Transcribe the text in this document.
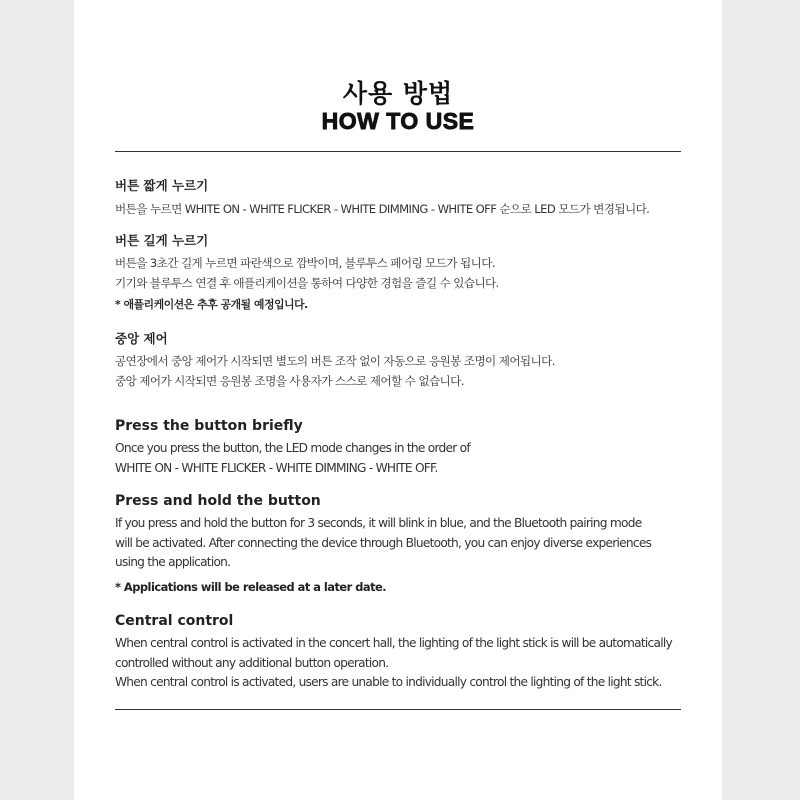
사용 방법
HOW TO USE

버튼 짧게 누르기

버튼을 누르면 WHITE ON - WHITE FLICKER - WHITE DIMMING - WHITE OFF 순으로 LED 모드가 변경됩니다.

버튼 길게 누르기

버튼을 3초간 길게 누르면 파란색으로 깜박이며, 블루투스 페어링 모드가 됩니다.

기기와 블루투스 연결 후 애플리케이션을 통하여 다양한 경험을 즐길 수 있습니다.

* 애플리케이션은 추후 공개될 예정입니다.

중앙 제어

공연장에서 중앙 제어가 시작되면 별도의 버튼 조작 없이 자동으로 응원봉 조명이 제어됩니다.

중앙 제어가 시작되면 응원봉 조명을 사용자가 스스로 제어할 수 없습니다.

Press the button briefly

Once you press the button, the LED mode changes in the order of

WHITE ON - WHITE FLICKER - WHITE DIMMING - WHITE OFF.

Press and hold the button

If you press and hold the button for 3 seconds, it will blink in blue, and the Bluetooth pairing mode

will be activated. After connecting the device through Bluetooth, you can enjoy diverse experiences

using the application.

* Applications will be released at a later date.

Central control

When central control is activated in the concert hall, the lighting of the light stick is will be automatically

controlled without any additional button operation.

When central control is activated, users are unable to individually control the lighting of the light stick.
